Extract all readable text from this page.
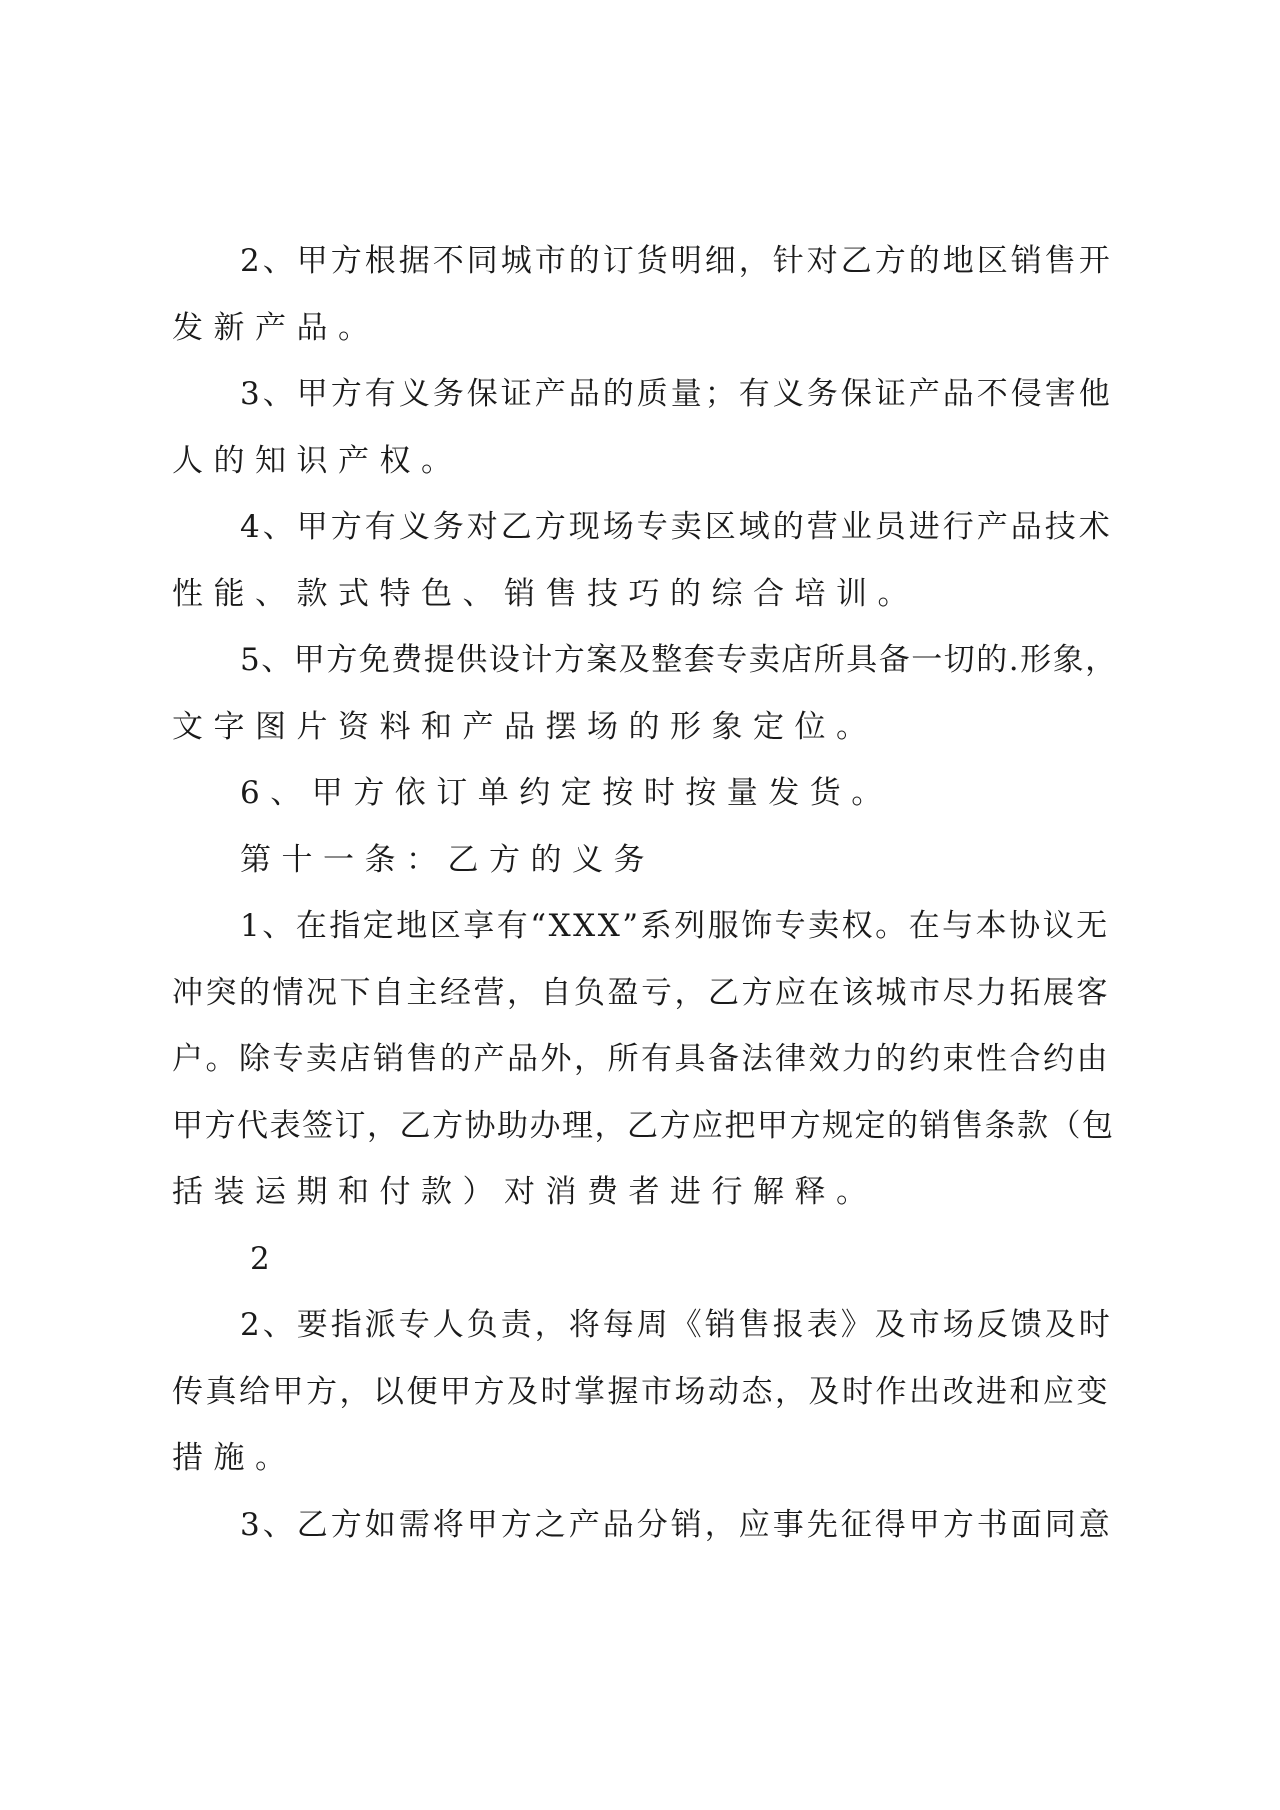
2、甲方根据不同城市的订货明细，针对乙方的地区销售开
发新产品。
3、甲方有义务保证产品的质量；有义务保证产品不侵害他
人的知识产权。
4、甲方有义务对乙方现场专卖区域的营业员进行产品技术
性能、款式特色、销售技巧的综合培训。
5、甲方免费提供设计方案及整套专卖店所具备一切的.形象，
文字图片资料和产品摆场的形象定位。
6、甲方依订单约定按时按量发货。
第十一条：乙方的义务
1、在指定地区享有“XXX”系列服饰专卖权。在与本协议无
冲突的情况下自主经营，自负盈亏，乙方应在该城市尽力拓展客
户。除专卖店销售的产品外，所有具备法律效力的约束性合约由
甲方代表签订，乙方协助办理，乙方应把甲方规定的销售条款（包
括装运期和付款）对消费者进行解释。
2
2、要指派专人负责，将每周《销售报表》及市场反馈及时
传真给甲方，以便甲方及时掌握市场动态，及时作出改进和应变
措施。
3、乙方如需将甲方之产品分销，应事先征得甲方书面同意
